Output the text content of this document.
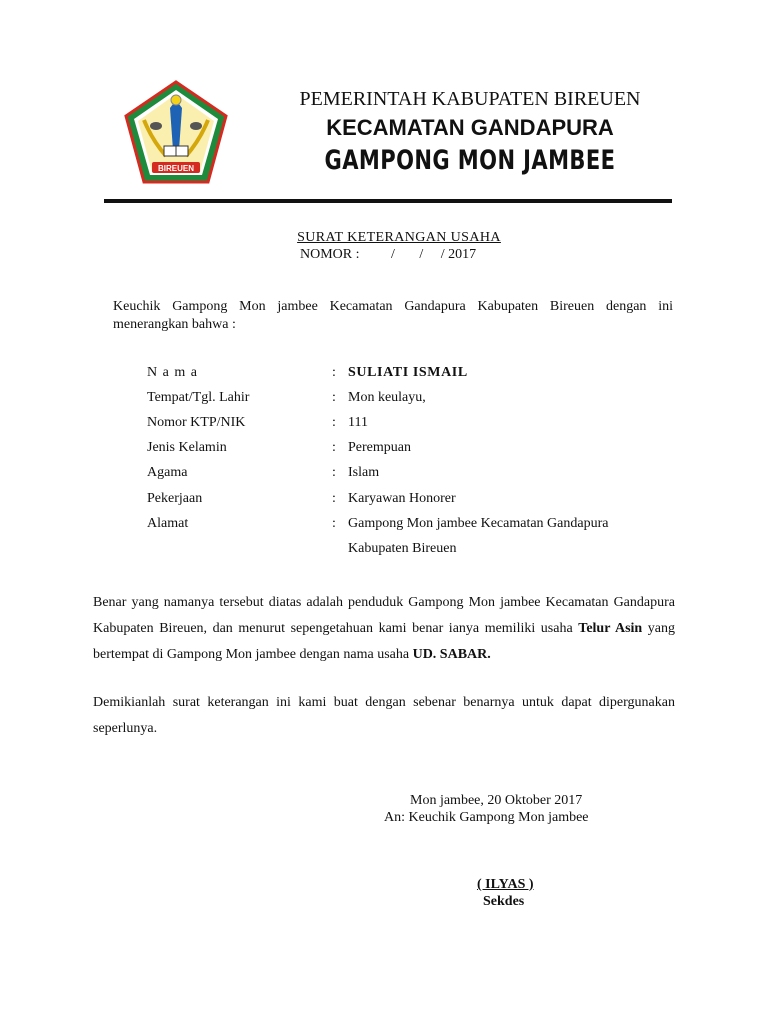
BIREUEN
PEMERINTAH KABUPATEN BIREUEN
KECAMATAN GANDAPURA
GAMPONG MON JAMBEE
SURAT KETERANGAN USAHA
NOMOR :         /       /     / 2017
Keuchik Gampong Mon jambee Kecamatan Gandapura Kabupaten Bireuen dengan ini menerangkan bahwa :
N a m a	: SULIATI ISMAIL
Tempat/Tgl. Lahir	: Mon keulayu,
Nomor KTP/NIK	: 111
Jenis Kelamin	: Perempuan
Agama	: Islam
Pekerjaan	: Karyawan Honorer
Alamat	: Gampong Mon jambee Kecamatan Gandapura
Kabupaten Bireuen
Benar yang namanya tersebut diatas adalah penduduk Gampong Mon jambee Kecamatan Gandapura Kabupaten Bireuen, dan menurut sepengetahuan kami benar ianya memiliki usaha Telur Asin yang bertempat di Gampong Mon jambee dengan nama usaha UD. SABAR.
Demikianlah surat keterangan ini kami buat dengan sebenar benarnya untuk dapat dipergunakan seperlunya.
Mon jambee, 20 Oktober 2017
An: Keuchik Gampong Mon jambee
( ILYAS )
Sekdes
